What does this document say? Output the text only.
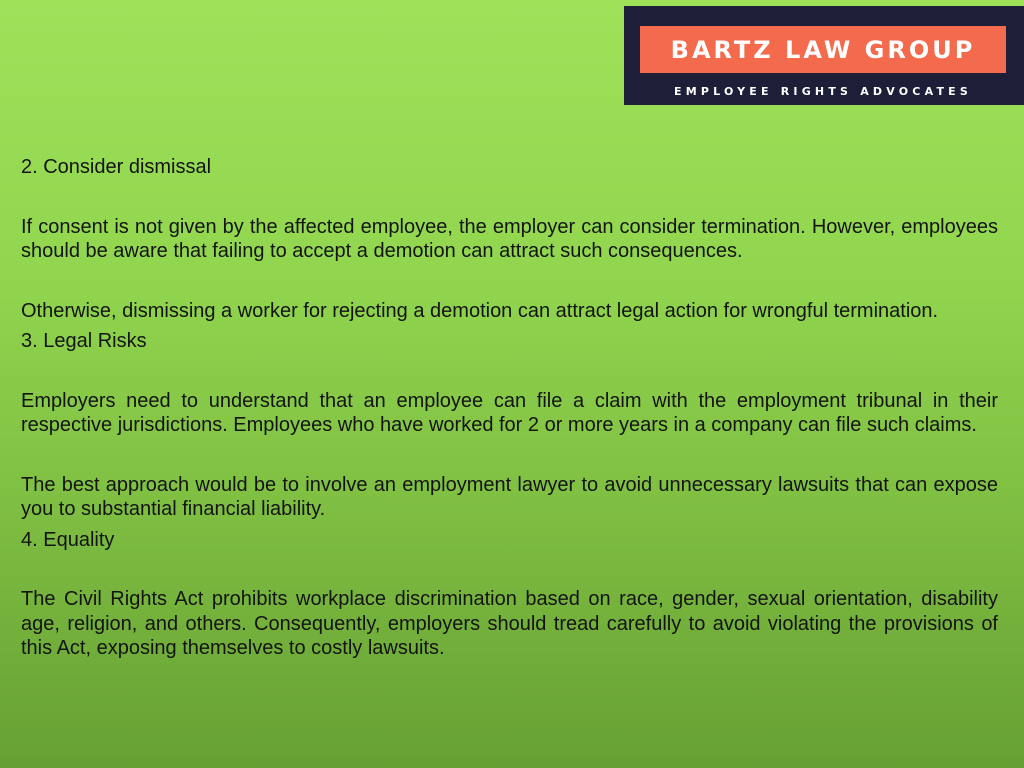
BARTZ LAW GROUP
EMPLOYEE RIGHTS ADVOCATES

2. Consider dismissal

If consent is not given by the affected employee, the employer can consider termination. However, employees should be aware that failing to accept a demotion can attract such consequences.

Otherwise, dismissing a worker for rejecting a demotion can attract legal action for wrongful termination.

3. Legal Risks

Employers need to understand that an employee can file a claim with the employment tribunal in their respective jurisdictions. Employees who have worked for 2 or more years in a company can file such claims.

The best approach would be to involve an employment lawyer to avoid unnecessary lawsuits that can expose you to substantial financial liability.

4. Equality

The Civil Rights Act prohibits workplace discrimination based on race, gender, sexual orientation, disability age, religion, and others. Consequently, employers should tread carefully to avoid violating the provisions of this Act, exposing themselves to costly lawsuits.
